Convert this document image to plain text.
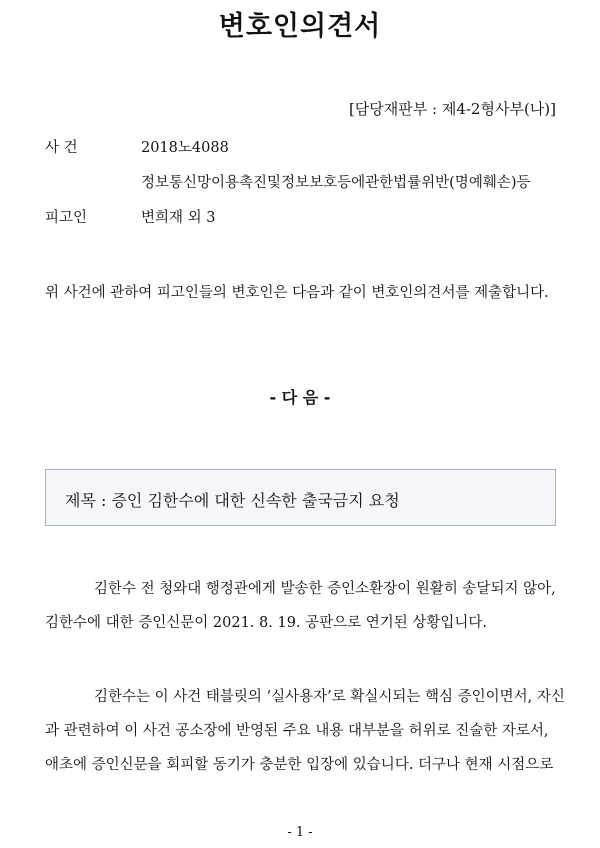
변호인의견서
[담당재판부 : 제4-2형사부(나)]
사 건	2018노4088
정보통신망이용촉진및정보보호등에관한법률위반(명예훼손)등
피고인	변희재 외 3
위 사건에 관하여 피고인들의 변호인은 다음과 같이 변호인의견서를 제출합니다.
- 다 음 -
제목 : 증인 김한수에 대한 신속한 출국금지 요청
김한수 전 청와대 행정관에게 발송한 증인소환장이 원활히 송달되지 않아,
김한수에 대한 증인신문이 2021. 8. 19. 공판으로 연기된 상황입니다.
김한수는 이 사건 태블릿의 ‘실사용자’로 확실시되는 핵심 증인이면서, 자신
과 관련하여 이 사건 공소장에 반영된 주요 내용 대부분을 허위로 진술한 자로서,
애초에 증인신문을 회피할 동기가 충분한 입장에 있습니다. 더구나 현재 시점으로
- 1 -
